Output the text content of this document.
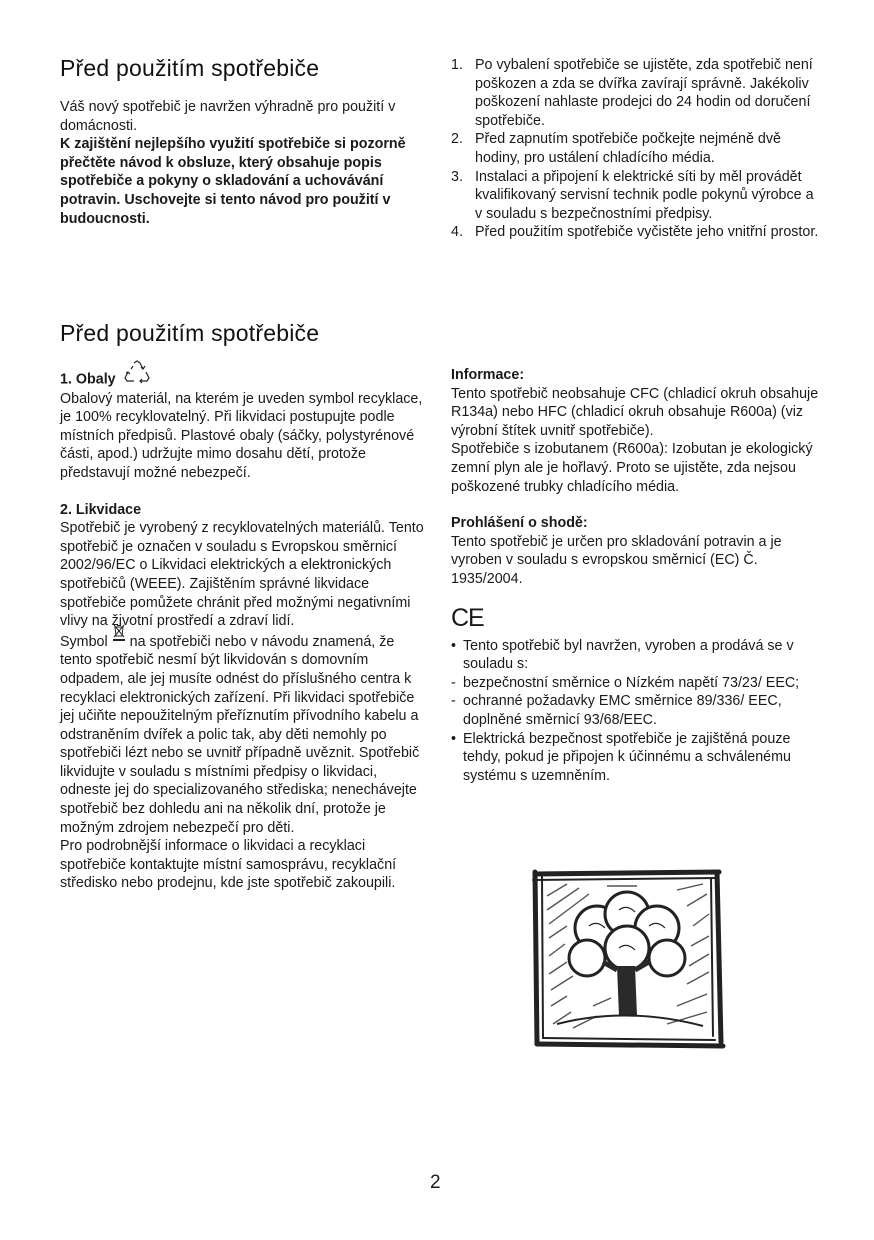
Před použitím spotřebiče
Váš nový spotřebič je navržen výhradně pro použití v domácnosti.
K zajištění nejlepšího využití spotřebiče si pozorně přečtěte návod k obsluze, který obsahuje popis spotřebiče a pokyny o skladování a uchovávání potravin. Uschovejte si tento návod pro použití v budoucnosti.
1. Po vybalení spotřebiče se ujistěte, zda spotřebič není poškozen a zda se dvířka zavírají správně. Jakékoliv poškození nahlaste prodejci do 24 hodin od doručení spotřebiče.
2. Před zapnutím spotřebiče počkejte nejméně dvě hodiny, pro ustálení chladícího média.
3. Instalaci a připojení k elektrické síti by měl provádět kvalifikovaný servisní technik podle pokynů výrobce a v souladu s bezpečnostními předpisy.
4. Před použitím spotřebiče vyčistěte jeho vnitřní prostor.
Před použitím spotřebiče
1. Obaly
Obalový materiál, na kterém je uveden symbol recyklace, je 100% recyklovatelný. Při likvidaci postupujte podle místních předpisů. Plastové obaly (sáčky, polystyrénové části, apod.) udržujte mimo dosahu dětí, protože představují možné nebezpečí.
2. Likvidace
Spotřebič je vyrobený z recyklovatelných materiálů. Tento spotřebič je označen v souladu s Evropskou směrnicí 2002/96/EC o Likvidaci elektrických a elektronických spotřebičů (WEEE). Zajištěním správné likvidace spotřebiče pomůžete chránit před možnými negativními vlivy na životní prostředí a zdraví lidí.
Symbol na spotřebiči nebo v návodu znamená, že tento spotřebič nesmí být likvidován s domovním odpadem, ale jej musíte odnést do příslušného centra k recyklaci elektronických zařízení. Při likvidaci spotřebiče jej učiňte nepoužitelným přeříznutím přívodního kabelu a odstraněním dvířek a polic tak, aby děti nemohly po spotřebiči lézt nebo se uvnitř případně uvěznit. Spotřebič likvidujte v souladu s místními předpisy o likvidaci, odneste jej do specializovaného střediska; nenechávejte spotřebič bez dohledu ani na několik dní, protože je možným zdrojem nebezpečí pro děti.
Pro podrobnější informace o likvidaci a recyklaci spotřebiče kontaktujte místní samosprávu, recyklační středisko nebo prodejnu, kde jste spotřebič zakoupili.
Informace:
Tento spotřebič neobsahuje CFC (chladicí okruh obsahuje R134a) nebo HFC (chladicí okruh obsahuje R600a) (viz výrobní štítek uvnitř spotřebiče).
Spotřebiče s izobutanem (R600a): Izobutan je ekologický zemní plyn ale je hořlavý. Proto se ujistěte, zda nejsou poškozené trubky chladícího média.
Prohlášení o shodě:
Tento spotřebič je určen pro skladování potravin a je vyroben v souladu s evropskou směrnicí (EC) Č. 1935/2004.
CE
• Tento spotřebič byl navržen, vyroben a prodává se v souladu s:
- bezpečnostní směrnice o Nízkém napětí 73/23/ EEC;
- ochranné požadavky EMC směrnice 89/336/ EEC, doplněné směrnicí 93/68/EEC.
• Elektrická bezpečnost spotřebiče je zajištěná pouze tehdy, pokud je připojen k účinnému a schválenému systému s uzemněním.
2
